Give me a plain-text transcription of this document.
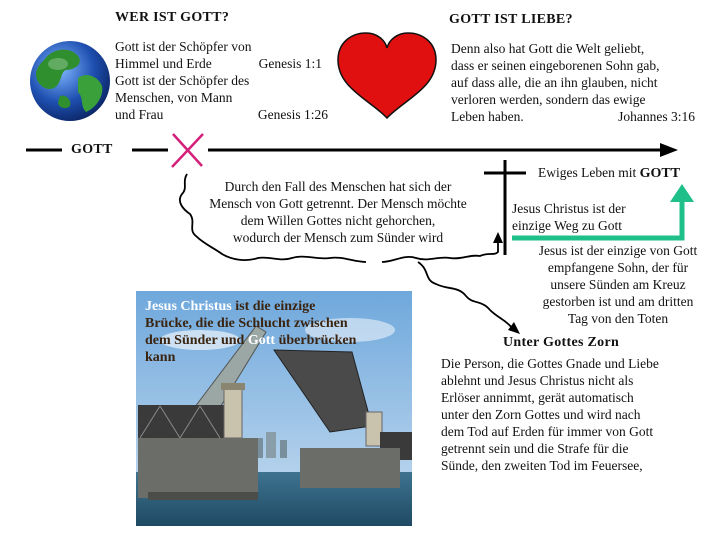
WER IST GOTT?
Gott ist der Schöpfer von
Himmel und Erde	Genesis 1:1
Gott ist der Schöpfer des
Menschen, von Mann
und Frau	Genesis 1:26
GOTT IST LIEBE?
Denn also hat Gott die Welt geliebt,
dass er seinen eingeborenen Sohn gab,
auf dass alle, die an ihn glauben, nicht
verloren werden, sondern das ewige
Leben haben.	Johannes 3:16
GOTT
Ewiges Leben mit GOTT
Durch den Fall des Menschen hat sich der
Mensch von Gott getrennt. Der Mensch möchte
dem Willen Gottes nicht gehorchen,
wodurch der Mensch zum Sünder wird
Jesus Christus ist der
einzige Weg zu Gott
Jesus ist der einzige von Gott
empfangene Sohn, der für
unsere Sünden am Kreuz
gestorben ist und am dritten
Tag von den Toten
Unter Gottes Zorn
Die Person, die Gottes Gnade und Liebe
ablehnt und Jesus Christus nicht als
Erlöser annimmt, gerät automatisch
unter den Zorn Gottes und wird nach
dem Tod auf Erden für immer von Gott
getrennt sein und die Strafe für die
Sünde, den zweiten Tod im Feuersee,
Jesus Christus ist die einzige
Brücke, die die Schlucht zwischen
dem Sünder und Gott überbrücken
kann
